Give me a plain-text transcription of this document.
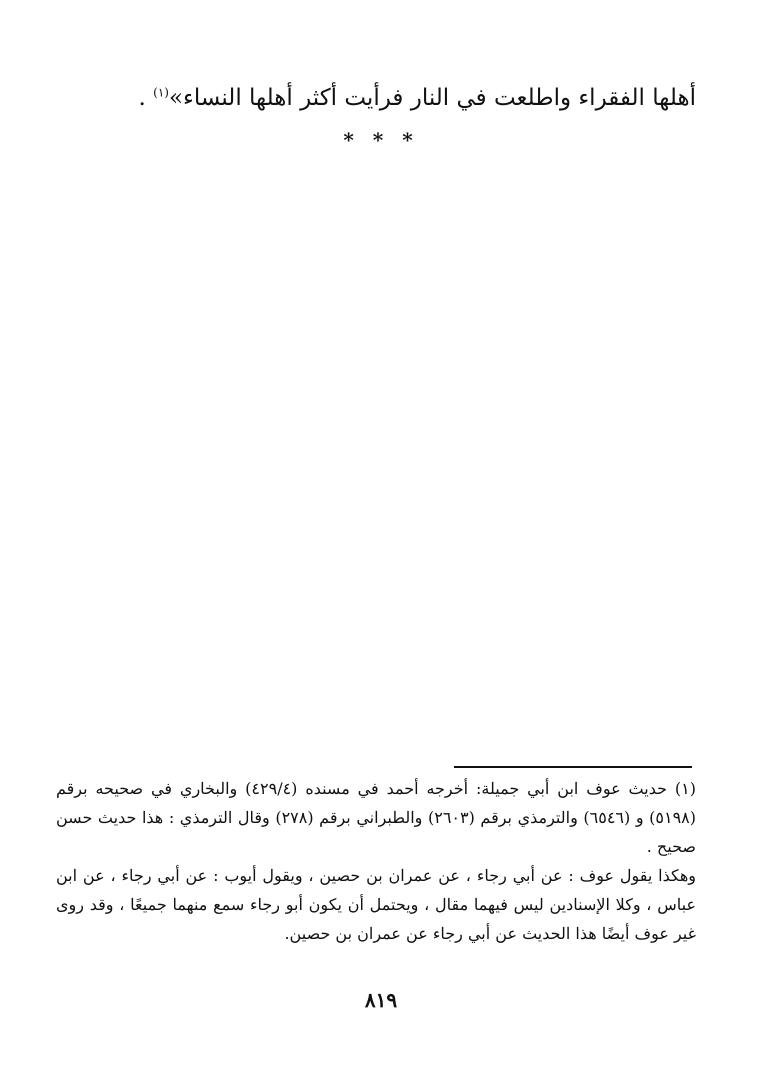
أهلها الفقراء واطلعت في النار فرأيت أكثر أهلها النساء»$^{(١)}$ .
* * *

(١) حديث عوف ابن أبي جميلة: أخرجه أحمد في مسنده (٤٢٩/٤) والبخاري في صحيحه برقم (٥١٩٨) و (٦٥٤٦) والترمذي برقم (٢٦٠٣) والطبراني برقم (٢٧٨) وقال الترمذي : هذا حديث حسن صحيح .

وهكذا يقول عوف : عن أبي رجاء ، عن عمران بن حصين ، ويقول أيوب : عن أبي رجاء ، عن ابن عباس ، وكلا الإسنادين ليس فيهما مقال ، ويحتمل أن يكون أبو رجاء سمع منهما جميعًا ، وقد روى غير عوف أيضًا هذا الحديث عن أبي رجاء عن عمران بن حصين.

٨١٩
